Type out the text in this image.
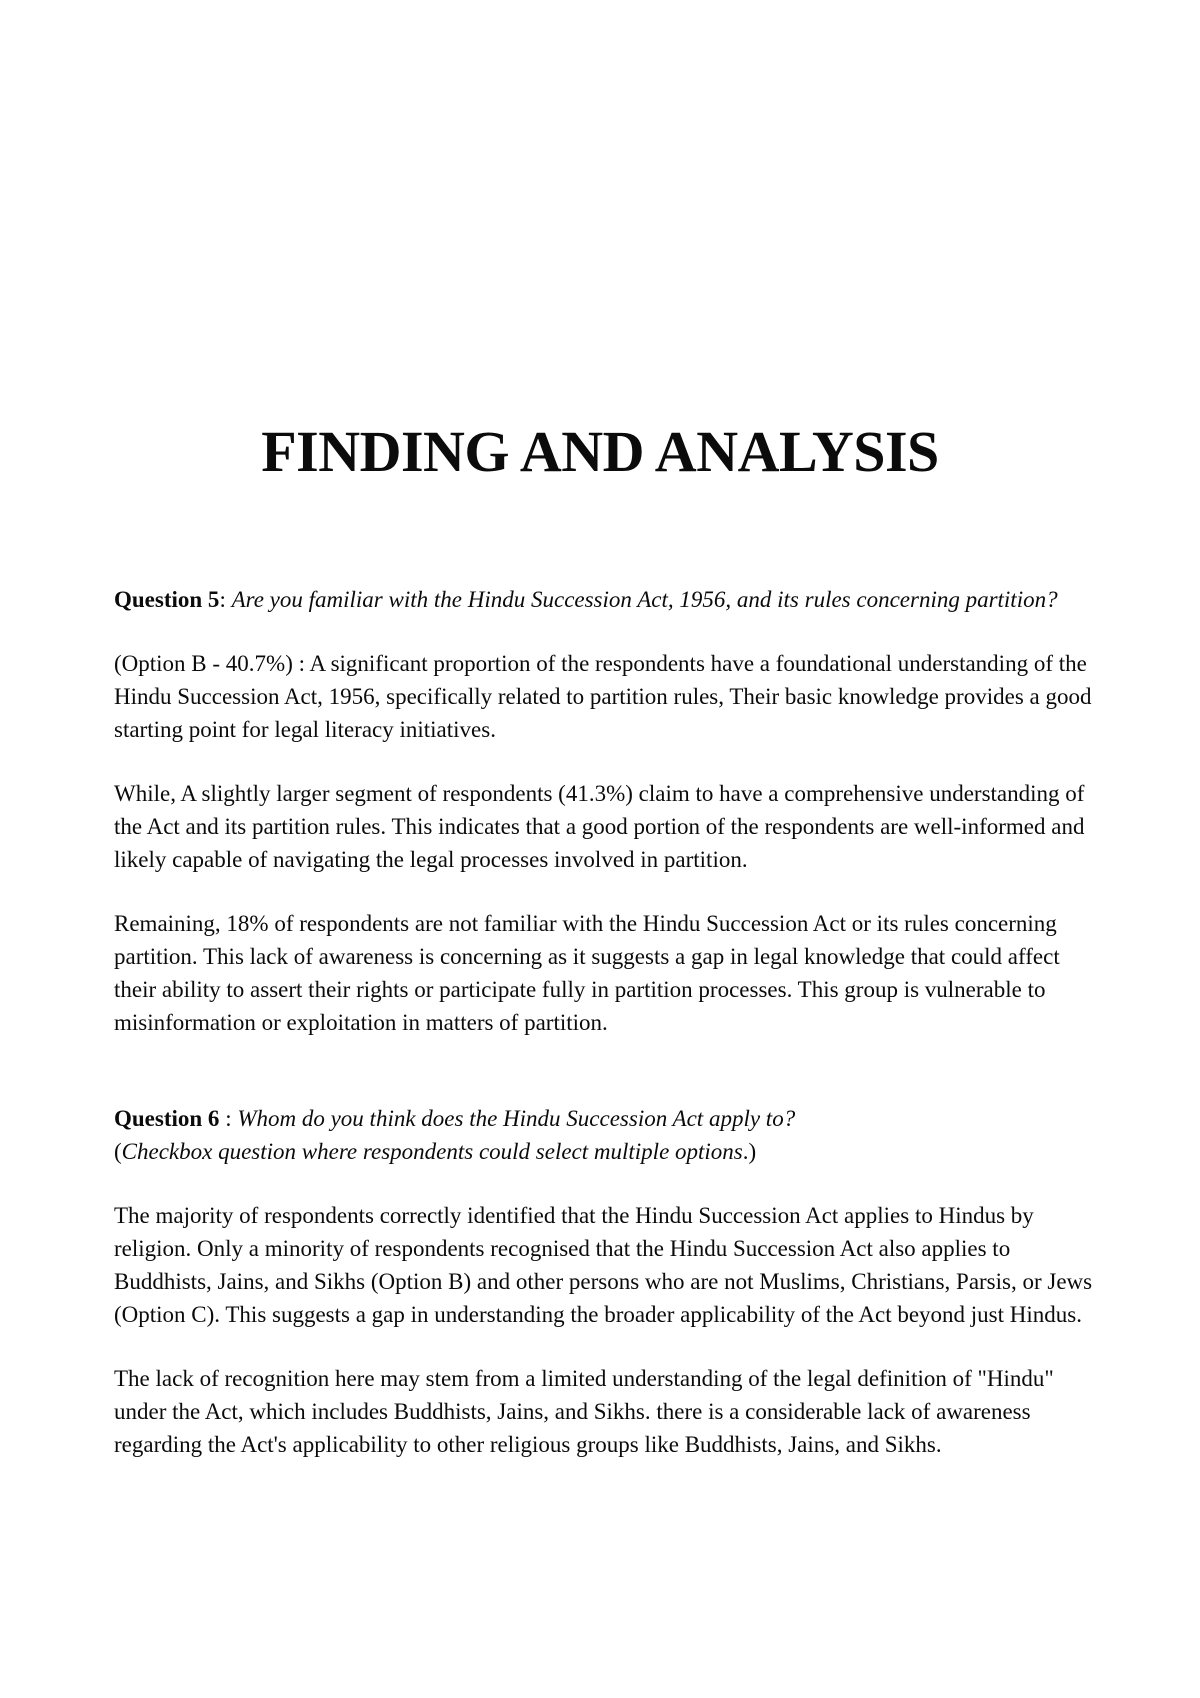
FINDING AND ANALYSIS

Question 5: Are you familiar with the Hindu Succession Act, 1956, and its rules concerning partition?

(Option B - 40.7%) : A significant proportion of the respondents have a foundational understanding of the Hindu Succession Act, 1956, specifically related to partition rules, Their basic knowledge provides a good starting point for legal literacy initiatives.

While, A slightly larger segment of respondents (41.3%) claim to have a comprehensive understanding of the Act and its partition rules. This indicates that a good portion of the respondents are well-informed and likely capable of navigating the legal processes involved in partition.

Remaining, 18% of respondents are not familiar with the Hindu Succession Act or its rules concerning partition. This lack of awareness is concerning as it suggests a gap in legal knowledge that could affect their ability to assert their rights or participate fully in partition processes. This group is vulnerable to misinformation or exploitation in matters of partition.

Question 6 : Whom do you think does the Hindu Succession Act apply to?

(Checkbox question where respondents could select multiple options.)

The majority of respondents correctly identified that the Hindu Succession Act applies to Hindus by religion. Only a minority of respondents recognised that the Hindu Succession Act also applies to Buddhists, Jains, and Sikhs (Option B) and other persons who are not Muslims, Christians, Parsis, or Jews (Option C). This suggests a gap in understanding the broader applicability of the Act beyond just Hindus.

The lack of recognition here may stem from a limited understanding of the legal definition of "Hindu" under the Act, which includes Buddhists, Jains, and Sikhs. there is a considerable lack of awareness regarding the Act's applicability to other religious groups like Buddhists, Jains, and Sikhs.
